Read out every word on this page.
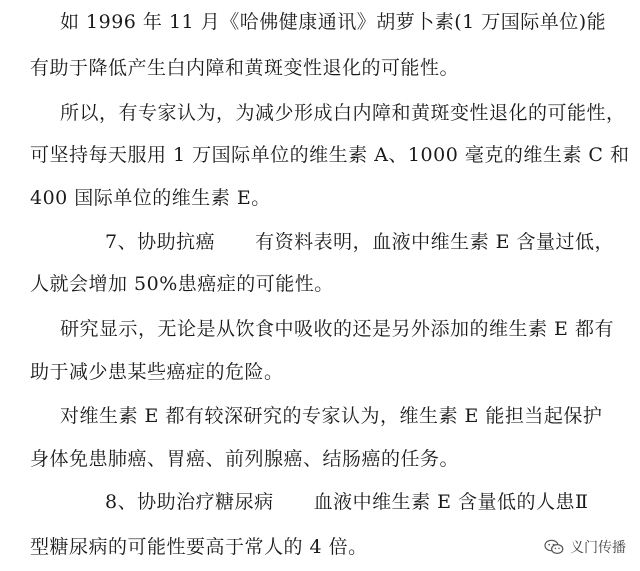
如 1996 年 11 月《哈佛健康通讯》胡萝卜素(1 万国际单位)能
有助于降低产生白内障和黄斑变性退化的可能性。
所以，有专家认为，为减少形成白内障和黄斑变性退化的可能性，
可坚持每天服用 1 万国际单位的维生素 A、1000 毫克的维生素 C 和
400 国际单位的维生素 E。
7、协助抗癌 有资料表明，血液中维生素 E 含量过低，
人就会增加 50%患癌症的可能性。
研究显示，无论是从饮食中吸收的还是另外添加的维生素 E 都有
助于减少患某些癌症的危险。
对维生素 E 都有较深研究的专家认为，维生素 E 能担当起保护
身体免患肺癌、胃癌、前列腺癌、结肠癌的任务。
8、协助治疗糖尿病 血液中维生素 E 含量低的人患Ⅱ
型糖尿病的可能性要高于常人的 4 倍。	义门传播
